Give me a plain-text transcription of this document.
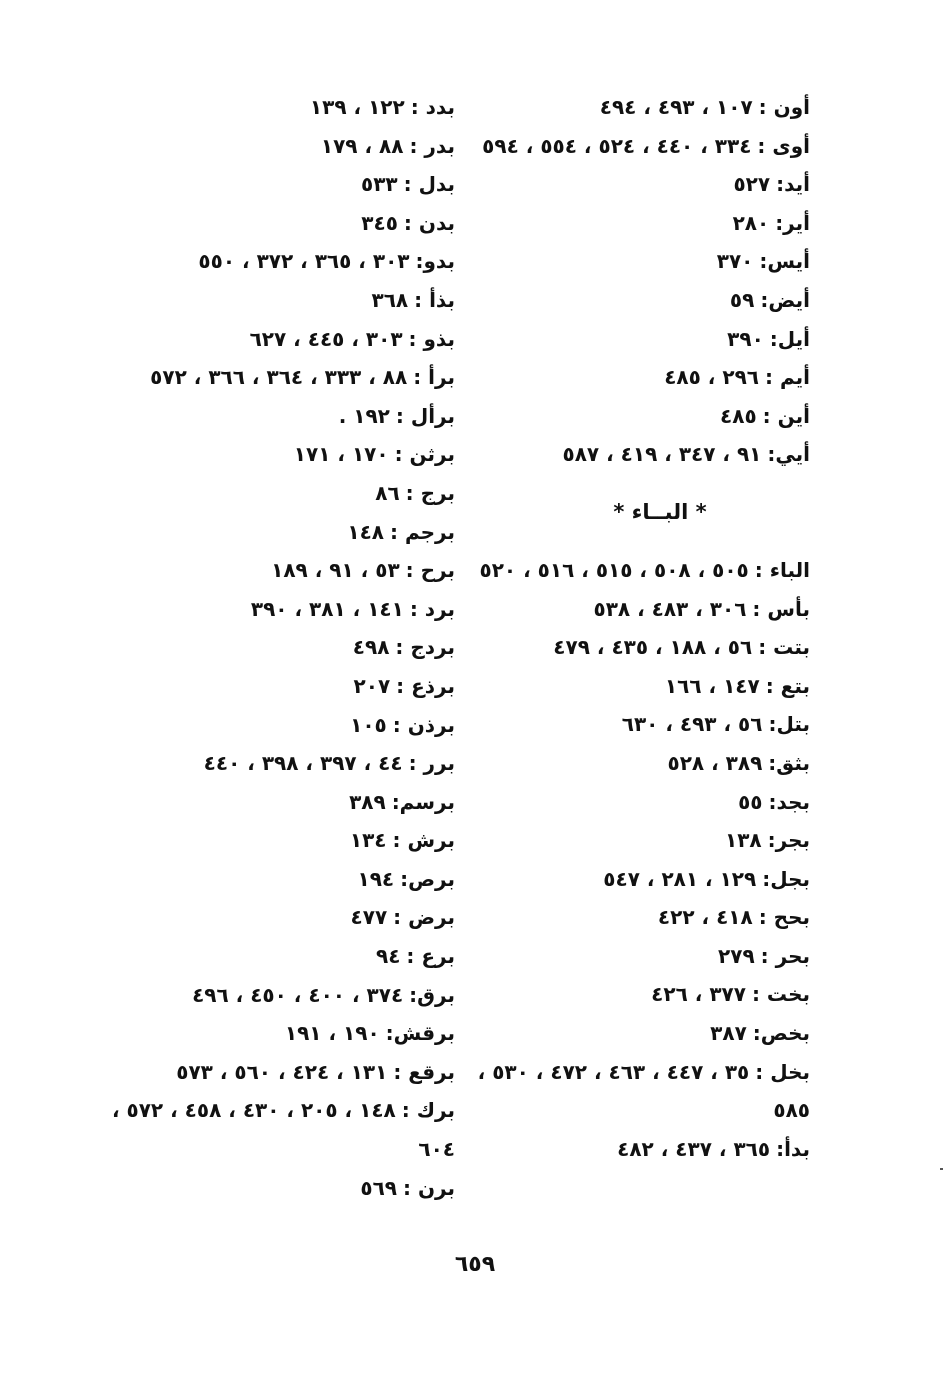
أون :١٠٧ ، ٤٩٣ ، ٤٩٤
أوى :٣٣٤ ، ٤٤٠ ، ٥٢٤ ، ٥٥٤ ، ٥٩٤
أيد:٥٢٧
أير:٢٨٠
أيس:٣٧٠
أيض:٥٩
أيل:٣٩٠
أيم :٢٩٦ ، ٤٨٥
أين :٤٨٥
أيي:٩١ ، ٣٤٧ ، ٤١٩ ، ٥٨٧
* البــاء *
الباء :٥٠٥ ، ٥٠٨ ، ٥١٥ ، ٥١٦ ، ٥٢٠
بأس :٣٠٦ ، ٤٨٣ ، ٥٣٨
بتت :٥٦ ، ١٨٨ ، ٤٣٥ ، ٤٧٩
بتع :١٤٧ ، ١٦٦
بتل:٥٦ ، ٤٩٣ ، ٦٣٠
بثق:٣٨٩ ، ٥٢٨
بجد:٥٥
بجر:١٣٨
بجل:١٢٩ ، ٢٨١ ، ٥٤٧
بحح :٤١٨ ، ٤٢٢
بحر :٢٧٩
بخت :٣٧٧ ، ٤٢٦
بخص:٣٨٧
بخل :٣٥ ، ٤٤٧ ، ٤٦٣ ، ٤٧٢ ، ٥٣٠ ، ٥٨٥
بدأ:٣٦٥ ، ٤٣٧ ، ٤٨٢
بدد :١٢٢ ، ١٣٩
بدر :٨٨ ، ١٧٩
بدل :٥٣٣
بدن :٣٤٥
بدو:٣٠٣ ، ٣٦٥ ، ٣٧٢ ، ٥٥٠
بذأ :٣٦٨
بذو :٣٠٣ ، ٤٤٥ ، ٦٢٧
برأ :٨٨ ، ٣٣٣ ، ٣٦٤ ، ٣٦٦ ، ٥٧٢
برأل :١٩٢ .
برثن :١٧٠ ، ١٧١
برج :٨٦
برجم :١٤٨
برح :٥٣ ، ٩١ ، ١٨٩
برد :١٤١ ، ٣٨١ ، ٣٩٠
بردج :٤٩٨
برذع :٢٠٧
برذن :١٠٥
برر :٤٤ ، ٣٩٧ ، ٣٩٨ ، ٤٤٠
برسم:٣٨٩
برش :١٣٤
برص:١٩٤
برض :٤٧٧
برع :٩٤
برق:٣٧٤ ، ٤٠٠ ، ٤٥٠ ، ٤٩٦
برقش:١٩٠ ، ١٩١
برقع :١٣١ ، ٤٢٤ ، ٥٦٠ ، ٥٧٣
برك :١٤٨ ، ٢٠٥ ، ٤٣٠ ، ٤٥٨ ، ٥٧٢ ، ٦٠٤
برن :٥٦٩
٦٥٩
